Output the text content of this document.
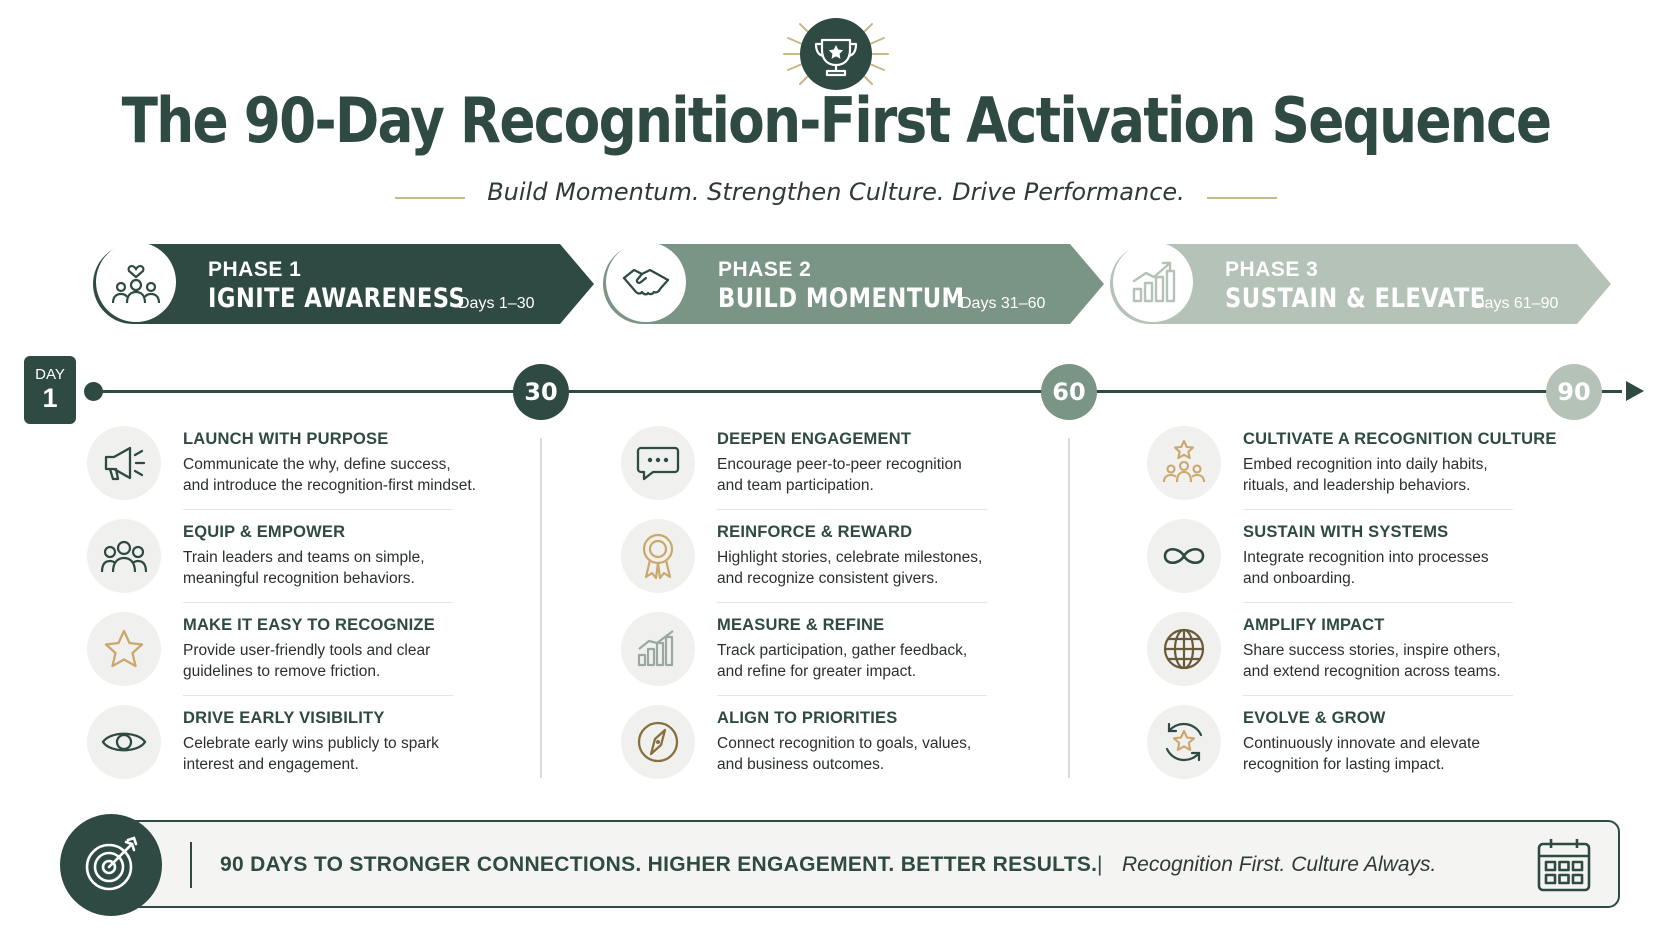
The 90-Day Recognition-First Activation Sequence
Build Momentum. Strengthen Culture. Drive Performance.
PHASE 1
IGNITE AWARENESS
Days 1–30
PHASE 2
BUILD MOMENTUM
Days 31–60
PHASE 3
SUSTAIN & ELEVATE
Days 61–90
DAY
1	30	60	90
LAUNCH WITH PURPOSE
Communicate the why, define success,
and introduce the recognition-first mindset.
EQUIP & EMPOWER
Train leaders and teams on simple,
meaningful recognition behaviors.
MAKE IT EASY TO RECOGNIZE
Provide user-friendly tools and clear
guidelines to remove friction.
DRIVE EARLY VISIBILITY
Celebrate early wins publicly to spark
interest and engagement.
DEEPEN ENGAGEMENT
Encourage peer-to-peer recognition
and team participation.
REINFORCE & REWARD
Highlight stories, celebrate milestones,
and recognize consistent givers.
MEASURE & REFINE
Track participation, gather feedback,
and refine for greater impact.
ALIGN TO PRIORITIES
Connect recognition to goals, values,
and business outcomes.
CULTIVATE A RECOGNITION CULTURE
Embed recognition into daily habits,
rituals, and leadership behaviors.
SUSTAIN WITH SYSTEMS
Integrate recognition into processes
and onboarding.
AMPLIFY IMPACT
Share success stories, inspire others,
and extend recognition across teams.
EVOLVE & GROW
Continuously innovate and elevate
recognition for lasting impact.
90 DAYS TO STRONGER CONNECTIONS. HIGHER ENGAGEMENT. BETTER RESULTS. | Recognition First. Culture Always.
